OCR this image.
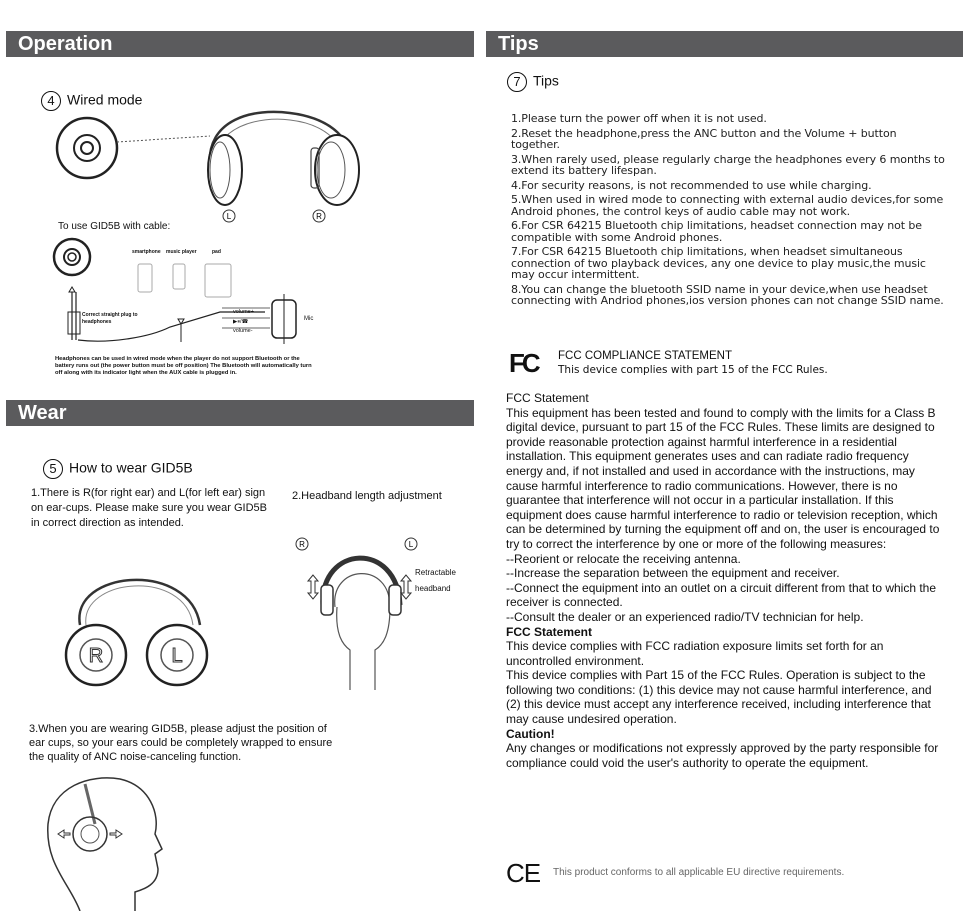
Operation
4 Wired mode
L	R
To use GID5B with cable:
smartphone music player	pad
Correct straight plug to headphones
volume+
▶⏸/☎
volume-
Mic
Headphones can be used in wired mode when the player do not support Bluetooth or the battery runs out (the power button must be off position) The Bluetooth will automatically turn off along with its indicator light when the AUX cable is plugged in.
Wear
5 How to wear GID5B
1.There is R(for right ear) and L(for left ear) sign on ear-cups. Please make sure you wear GID5B in correct direction as intended.
2.Headband length adjustment
R	L
R	L
Retractable
headband
3.When you are wearing GID5B, please adjust the position of ear cups, so your ears could be completely wrapped to ensure the quality of ANC noise-canceling function.
Tips
7 Tips

1.Please turn the power off when it is not used.

2.Reset the headphone,press the ANC button and the Volume + button together.

3.When rarely used, please regularly charge the headphones every 6 months to extend its battery lifespan.

4.For security reasons, is not recommended to use while charging.

5.When used in wired mode to connecting with external audio devices,for some Android phones, the control keys of audio cable may not work.

6.For CSR 64215 Bluetooth chip limitations, headset connection may not be compatible with some Android phones.

7.For CSR 64215 Bluetooth chip limitations, when headset simultaneous connection of two playback devices, any one device to play music,the music may occur intermittent.

8.You can change the bluetooth SSID name in your device,when use headset connecting with Andriod phones,ios version phones can not change SSID name.

FC FCC COMPLIANCE STATEMENT
This device complies with part 15 of the FCC Rules.
FCC Statement
This equipment has been tested and found to comply with the limits for a Class B digital device, pursuant to part 15 of the FCC Rules. These limits are designed to provide reasonable protection against harmful interference in a residential installation. This equipment generates uses and can radiate radio frequency energy and, if not installed and used in accordance with the instructions, may cause harmful interference to radio communications. However, there is no guarantee that interference will not occur in a particular installation. If this equipment does cause harmful interference to radio or television reception, which can be determined by turning the equipment off and on, the user is encouraged to try to correct the interference by one or more of the following measures:
--Reorient or relocate the receiving antenna.
--Increase the separation between the equipment and receiver.
--Connect the equipment into an outlet on a circuit different from that to which the receiver is connected.
--Consult the dealer or an experienced radio/TV technician for help.
FCC Statement
This device complies with FCC radiation exposure limits set forth for an uncontrolled environment.
This device complies with Part 15 of the FCC Rules. Operation is subject to the following two conditions: (1) this device may not cause harmful interference, and (2) this device must accept any interference received, including interference that may cause undesired operation.
Caution!
Any changes or modifications not expressly approved by the party responsible for compliance could void the user's authority to operate the equipment.
CE This product conforms to all applicable EU directive requirements.
